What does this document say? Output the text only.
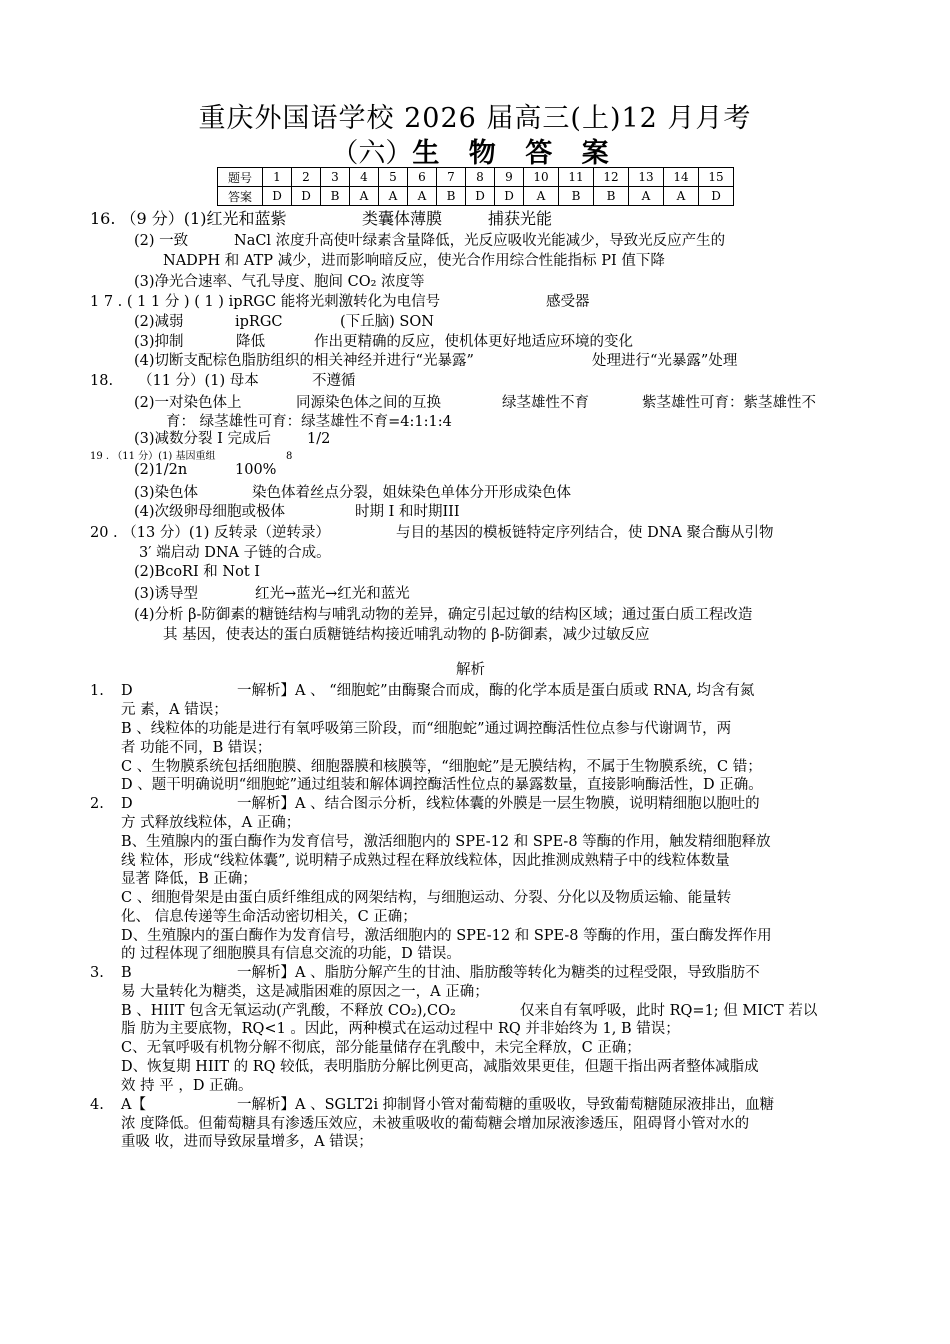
重庆外国语学校 2026 届高三(上)12 月月考
（六）生 物 答 案
题号	1	2	3	4	5	6	7	8	9	10	11	12	13	14	15
答案	D	D	B	A	A	A	B	D	D	A	B	B	A	A	D
16. （9 分）(1)红光和蓝紫	类囊体薄膜	捕获光能
(2) 一致	NaCl 浓度升高使叶绿素含量降低，光反应吸收光能减少，导致光反应产生的
NADPH 和 ATP 减少，进而影响暗反应，使光合作用综合性能指标 PI 值下降
(3)净光合速率、气孔导度、胞间 CO₂ 浓度等
1 7 . ( 1 1 分 ) ( 1 ) ipRGC 能将光刺激转化为电信号	感受器
(2)减弱	ipRGC	(下丘脑) SON
(3)抑制	降低	作出更精确的反应，使机体更好地适应环境的变化
(4)切断支配棕色脂肪组织的相关神经并进行“光暴露”	处理进行“光暴露”处理
18. （11 分）(1) 母本	不遵循
(2)一对染色体上	同源染色体之间的互换	绿茎雄性不育	紫茎雄性可育：紫茎雄性不
育： 绿茎雄性可育：绿茎雄性不育=4:1:1:4
(3)减数分裂 I 完成后 1/2
19 . （11 分）(1) 基因重组	8
(2)1/2n	100%
(3)染色体	染色体着丝点分裂，姐妹染色单体分开形成染色体
(4)次级卵母细胞或极体	时期 I 和时期III
20 . （13 分）(1) 反转录（逆转录）	与目的基因的模板链特定序列结合，使 DNA 聚合酶从引物
3′ 端启动 DNA 子链的合成。
(2)BcoRI 和 Not I
(3)诱导型	红光→蓝光→红光和蓝光
(4)分析 β-防御素的糖链结构与哺乳动物的差异，确定引起过敏的结构区域；通过蛋白质工程改造
其 基因，使表达的蛋白质糖链结构接近哺乳动物的 β-防御素，减少过敏反应
解析
1. D	一解析】A 、 “细胞蛇”由酶聚合而成，酶的化学本质是蛋白质或 RNA, 均含有氮
元 素，A 错误；
B 、线粒体的功能是进行有氧呼吸第三阶段，而“细胞蛇”通过调控酶活性位点参与代谢调节，两
者 功能不同，B 错误；
C 、生物膜系统包括细胞膜、细胞器膜和核膜等，“细胞蛇”是无膜结构，不属于生物膜系统，C 错；
D 、题干明确说明“细胞蛇”通过组装和解体调控酶活性位点的暴露数量，直接影响酶活性，D 正确。
2. D	一解析】A 、结合图示分析，线粒体囊的外膜是一层生物膜，说明精细胞以胞吐的
方 式释放线粒体，A 正确；
B、生殖腺内的蛋白酶作为发育信号，激活细胞内的 SPE-12 和 SPE-8 等酶的作用，触发精细胞释放
线 粒体，形成“线粒体囊”, 说明精子成熟过程在释放线粒体，因此推测成熟精子中的线粒体数量
显著 降低，B 正确；
C 、细胞骨架是由蛋白质纤维组成的网架结构，与细胞运动、分裂、分化以及物质运输、能量转
化、 信息传递等生命活动密切相关，C 正确；
D、生殖腺内的蛋白酶作为发育信号，激活细胞内的 SPE-12 和 SPE-8 等酶的作用，蛋白酶发挥作用
的 过程体现了细胞膜具有信息交流的功能，D 错误。
3. B	一解析】A 、脂肪分解产生的甘油、脂肪酸等转化为糖类的过程受限，导致脂肪不
易 大量转化为糖类，这是减脂困难的原因之一，A 正确；
B 、HIIT 包含无氧运动(产乳酸，不释放 CO₂),CO₂	仅来自有氧呼吸，此时 RQ=1; 但 MICT 若以
脂 肪为主要底物，RQ<1 。因此，两种模式在运动过程中 RQ 并非始终为 1, B 错误；
C、无氧呼吸有机物分解不彻底，部分能量储存在乳酸中，未完全释放，C 正确；
D、恢复期 HIIT 的 RQ 较低，表明脂肪分解比例更高，减脂效果更佳，但题干指出两者整体减脂成
效 持 平 ，D 正确。
4. A【	一解析】A 、SGLT2i 抑制肾小管对葡萄糖的重吸收，导致葡萄糖随尿液排出，血糖
浓 度降低。但葡萄糖具有渗透压效应，未被重吸收的葡萄糖会增加尿液渗透压，阻碍肾小管对水的
重吸 收，进而导致尿量增多，A 错误；
